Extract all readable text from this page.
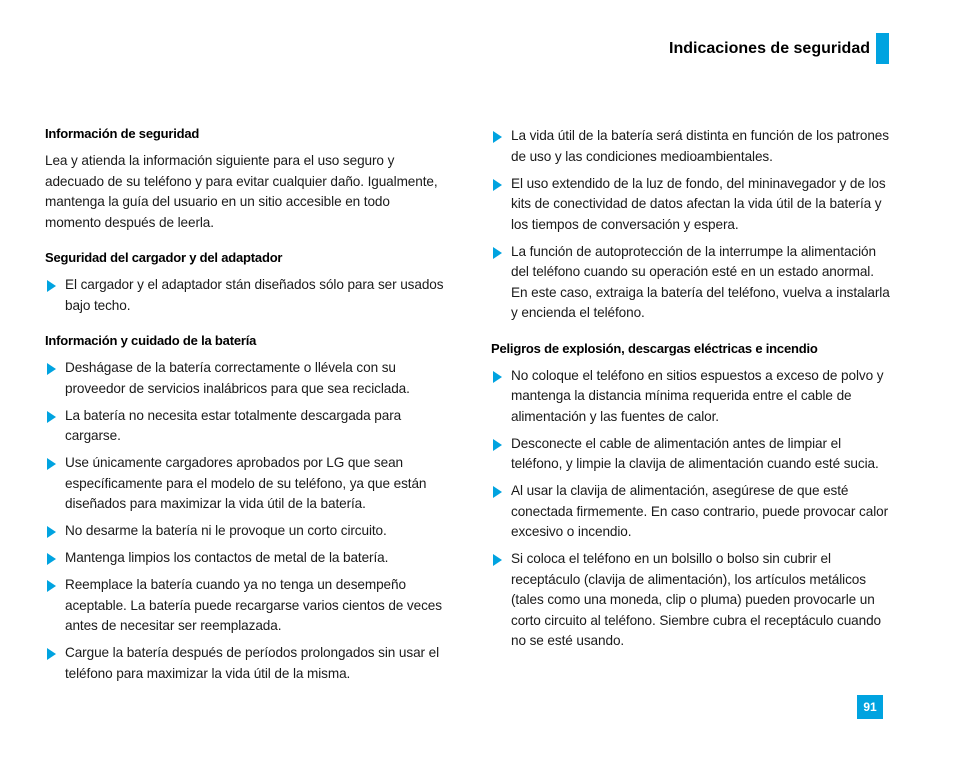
Indicaciones de seguridad
Información de seguridad

Lea y atienda la información siguiente para el uso seguro y adecuado de su teléfono y para evitar cualquier daño. Igualmente, mantenga la guía del usuario en un sitio accesible en todo momento después de leerla.

Seguridad del cargador y del adaptador
El cargador y el adaptador stán diseñados sólo para ser usados bajo techo.
Información y cuidado de la batería
Deshágase de la batería correctamente o llévela con su proveedor de servicios inalábricos para que sea reciclada.
La batería no necesita estar totalmente descargada para cargarse.
Use únicamente cargadores aprobados por LG que sean específicamente para el modelo de su teléfono, ya que están diseñados para maximizar la vida útil de la batería.
No desarme la batería ni le provoque un corto circuito.
Mantenga limpios los contactos de metal de la batería.
Reemplace la batería cuando ya no tenga un desempeño aceptable. La batería puede recargarse varios cientos de veces antes de necesitar ser reemplazada.
Cargue la batería después de períodos prolongados sin usar el teléfono para maximizar la vida útil de la misma.
La vida útil de la batería será distinta en función de los patrones de uso y las condiciones medioambientales.
El uso extendido de la luz de fondo, del mininavegador y de los kits de conectividad de datos afectan la vida útil de la batería y los tiempos de conversación y espera.
La función de autoprotección de la interrumpe la alimentación del teléfono cuando su operación esté en un estado anormal. En este caso, extraiga la batería del teléfono, vuelva a instalarla y encienda el teléfono.
Peligros de explosión, descargas eléctricas e incendio
No coloque el teléfono en sitios espuestos a exceso de polvo y mantenga la distancia mínima requerida entre el cable de alimentación y las fuentes de calor.
Desconecte el cable de alimentación antes de limpiar el teléfono, y limpie la clavija de alimentación cuando esté sucia.
Al usar la clavija de alimentación, asegúrese de que esté conectada firmemente. En caso contrario, puede provocar calor excesivo o incendio.
Si coloca el teléfono en un bolsillo o bolso sin cubrir el receptáculo (clavija de alimentación), los artículos metálicos (tales como una moneda, clip o pluma) pueden provocarle un corto circuito al teléfono. Siembre cubra el receptáculo cuando no se esté usando.
91
